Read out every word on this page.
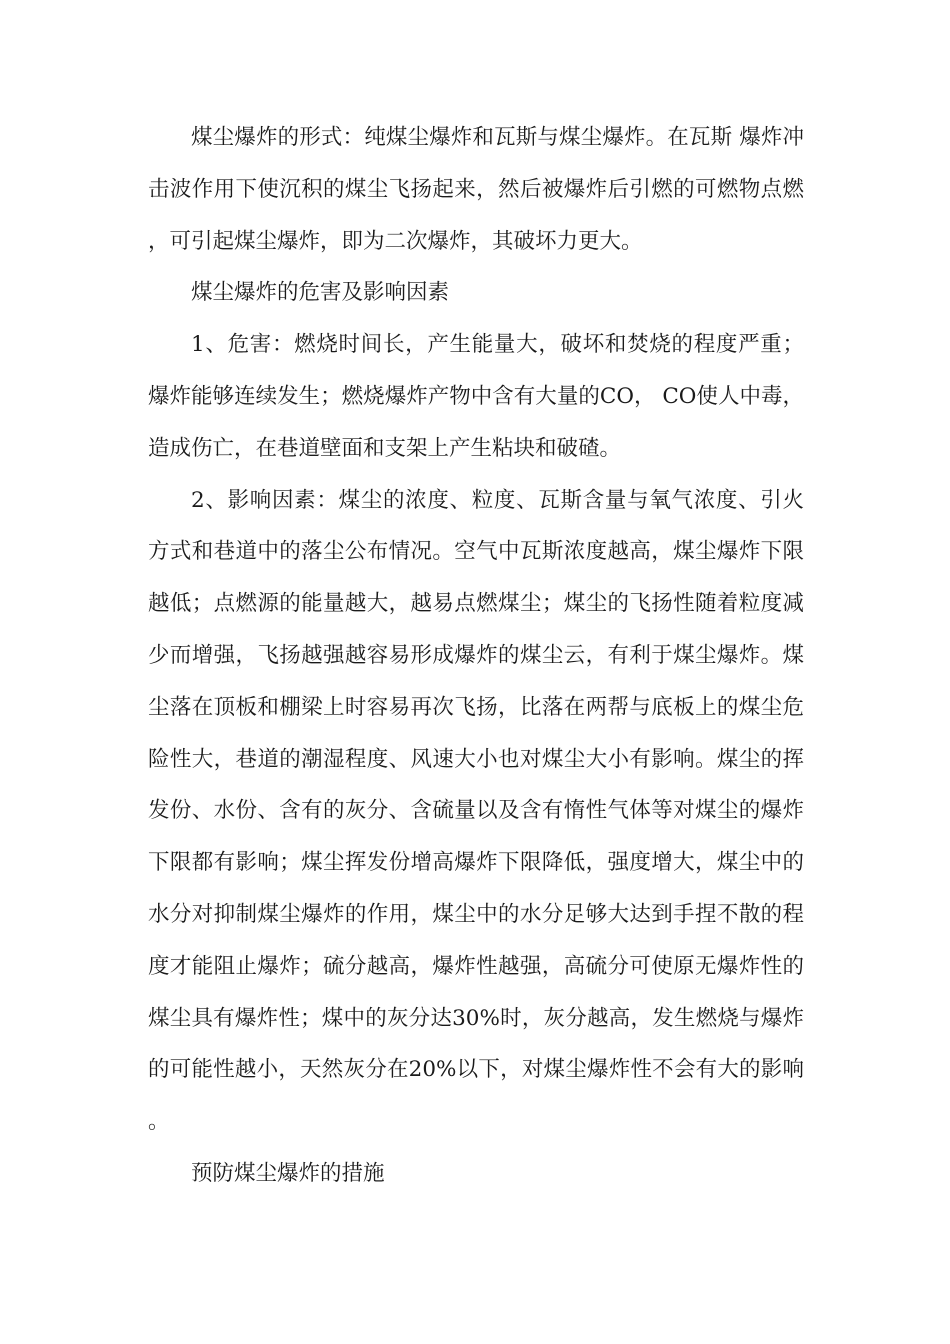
煤尘爆炸的形式：纯煤尘爆炸和瓦斯与煤尘爆炸。在瓦斯 爆炸冲击波作用下使沉积的煤尘飞扬起来，然后被爆炸后引燃的可燃物点燃，可引起煤尘爆炸，即为二次爆炸，其破坏力更大。

煤尘爆炸的危害及影响因素

1、危害：燃烧时间长，产生能量大，破坏和焚烧的程度严重；爆炸能够连续发生；燃烧爆炸产物中含有大量的CO， CO使人中毒，造成伤亡，在巷道壁面和支架上产生粘块和破碴。

2、影响因素：煤尘的浓度、粒度、瓦斯含量与氧气浓度、引火方式和巷道中的落尘公布情况。空气中瓦斯浓度越高，煤尘爆炸下限越低；点燃源的能量越大，越易点燃煤尘；煤尘的飞扬性随着粒度减少而增强，飞扬越强越容易形成爆炸的煤尘云，有利于煤尘爆炸。煤尘落在顶板和棚梁上时容易再次飞扬，比落在两帮与底板上的煤尘危险性大，巷道的潮湿程度、风速大小也对煤尘大小有影响。煤尘的挥发份、水份、含有的灰分、含硫量以及含有惰性气体等对煤尘的爆炸下限都有影响；煤尘挥发份增高爆炸下限降低，强度增大，煤尘中的水分对抑制煤尘爆炸的作用，煤尘中的水分足够大达到手捏不散的程度才能阻止爆炸；硫分越高，爆炸性越强，高硫分可使原无爆炸性的煤尘具有爆炸性；煤中的灰分达30%时，灰分越高，发生燃烧与爆炸的可能性越小，天然灰分在20%以下，对煤尘爆炸性不会有大的影响。

预防煤尘爆炸的措施
